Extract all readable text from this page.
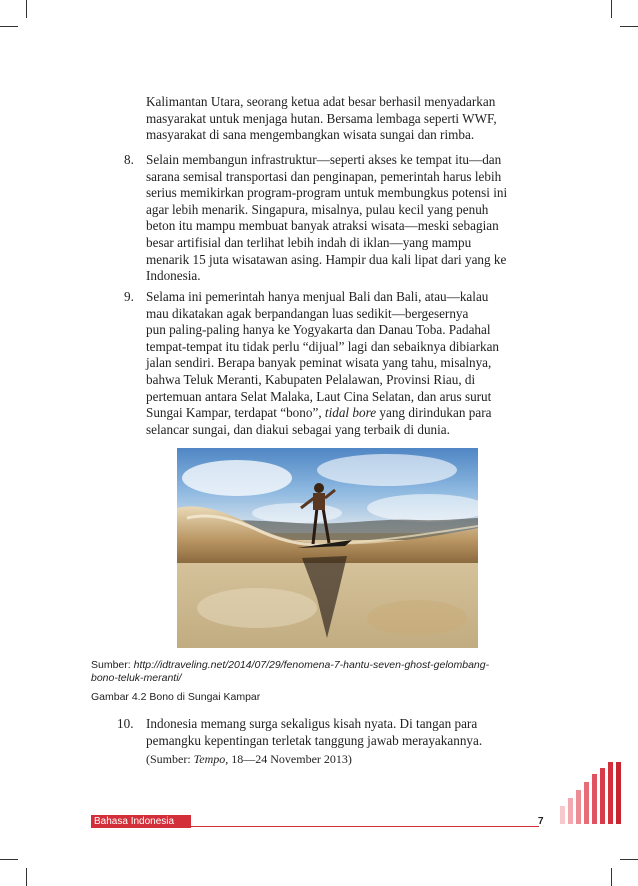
Kalimantan Utara, seorang ketua adat besar berhasil menyadarkan
masyarakat untuk menjaga hutan. Bersama lembaga seperti WWF,
masyarakat di sana mengembangkan wisata sungai dan rimba.
8. Selain membangun infrastruktur—seperti akses ke tempat itu—dan
sarana semisal transportasi dan penginapan, pemerintah harus lebih
serius memikirkan program-program untuk membungkus potensi ini
agar lebih menarik. Singapura, misalnya, pulau kecil yang penuh
beton itu mampu membuat banyak atraksi wisata—meski sebagian
besar artifisial dan terlihat lebih indah di iklan—yang mampu
menarik 15 juta wisatawan asing. Hampir dua kali lipat dari yang ke
Indonesia.
9. Selama ini pemerintah hanya menjual Bali dan Bali, atau—kalau
mau dikatakan agak berpandangan luas sedikit—bergesernya
pun paling-paling hanya ke Yogyakarta dan Danau Toba. Padahal
tempat-tempat itu tidak perlu “dijual” lagi dan sebaiknya dibiarkan
jalan sendiri. Berapa banyak peminat wisata yang tahu, misalnya,
bahwa Teluk Meranti, Kabupaten Pelalawan, Provinsi Riau, di
pertemuan antara Selat Malaka, Laut Cina Selatan, dan arus surut
Sungai Kampar, terdapat “bono”, tidal bore yang dirindukan para
selancar sungai, dan diakui sebagai yang terbaik di dunia.
Sumber: http://idtraveling.net/2014/07/29/fenomena-7-hantu-seven-ghost-gelombang-
bono-teluk-meranti/
Gambar 4.2 Bono di Sungai Kampar
10. Indonesia memang surga sekaligus kisah nyata. Di tangan para
pemangku kepentingan terletak tanggung jawab merayakannya.
(Sumber: Tempo, 18—24 November 2013)
Bahasa Indonesia	7
